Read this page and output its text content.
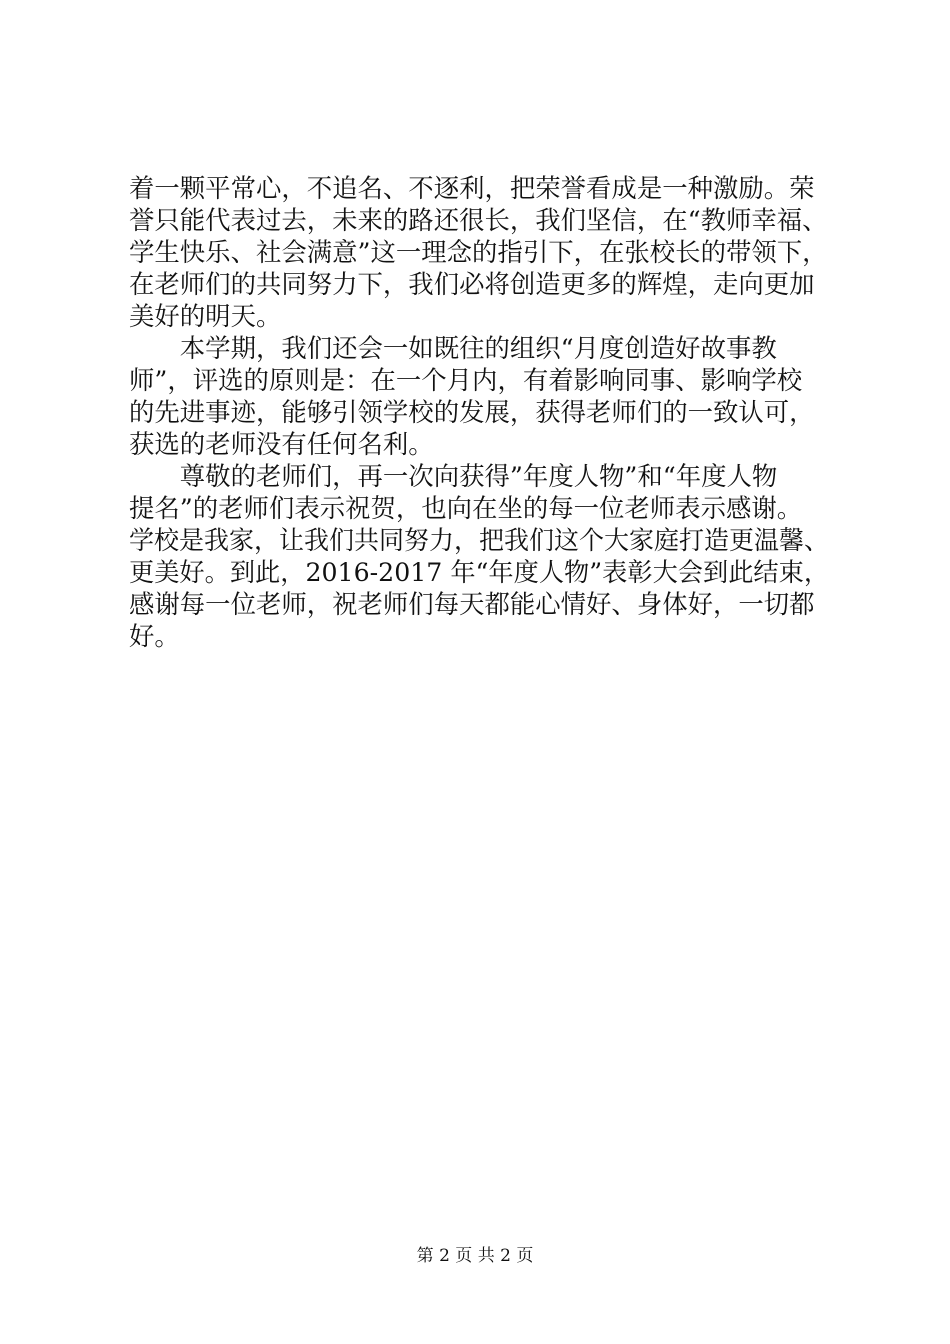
着一颗平常心，不追名、不逐利，把荣誉看成是一种激励。荣
誉只能代表过去，未来的路还很长，我们坚信，在“教师幸福、
学生快乐、社会满意”这一理念的指引下，在张校长的带领下，
在老师们的共同努力下，我们必将创造更多的辉煌，走向更加
美好的明天。
　　本学期，我们还会一如既往的组织“月度创造好故事教
师”，评选的原则是：在一个月内，有着影响同事、影响学校
的先进事迹，能够引领学校的发展，获得老师们的一致认可，
获选的老师没有任何名利。
　　尊敬的老师们，再一次向获得”年度人物”和“年度人物
提名”的老师们表示祝贺，也向在坐的每一位老师表示感谢。
学校是我家，让我们共同努力，把我们这个大家庭打造更温馨、
更美好。到此，2016-2017 年“年度人物”表彰大会到此结束，
感谢每一位老师，祝老师们每天都能心情好、身体好，一切都
好。
第 2 页 共 2 页
